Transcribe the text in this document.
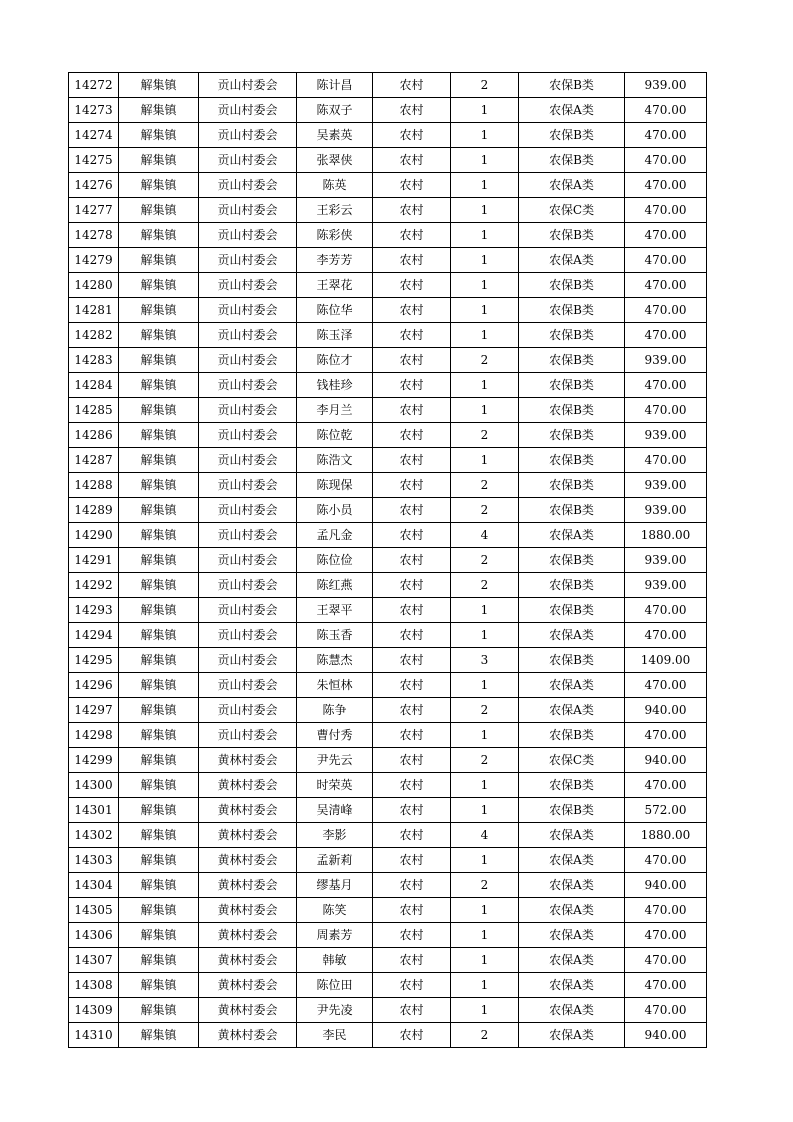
14272	解集镇	贡山村委会	陈计昌	农村	2	农保B类	939.00
14273	解集镇	贡山村委会	陈双子	农村	1	农保A类	470.00
14274	解集镇	贡山村委会	吴素英	农村	1	农保B类	470.00
14275	解集镇	贡山村委会	张翠侠	农村	1	农保B类	470.00
14276	解集镇	贡山村委会	陈英	农村	1	农保A类	470.00
14277	解集镇	贡山村委会	王彩云	农村	1	农保C类	470.00
14278	解集镇	贡山村委会	陈彩侠	农村	1	农保B类	470.00
14279	解集镇	贡山村委会	李芳芳	农村	1	农保A类	470.00
14280	解集镇	贡山村委会	王翠花	农村	1	农保B类	470.00
14281	解集镇	贡山村委会	陈位华	农村	1	农保B类	470.00
14282	解集镇	贡山村委会	陈玉泽	农村	1	农保B类	470.00
14283	解集镇	贡山村委会	陈位才	农村	2	农保B类	939.00
14284	解集镇	贡山村委会	钱桂珍	农村	1	农保B类	470.00
14285	解集镇	贡山村委会	李月兰	农村	1	农保B类	470.00
14286	解集镇	贡山村委会	陈位乾	农村	2	农保B类	939.00
14287	解集镇	贡山村委会	陈浩文	农村	1	农保B类	470.00
14288	解集镇	贡山村委会	陈现保	农村	2	农保B类	939.00
14289	解集镇	贡山村委会	陈小员	农村	2	农保B类	939.00
14290	解集镇	贡山村委会	孟凡金	农村	4	农保A类	1880.00
14291	解集镇	贡山村委会	陈位俭	农村	2	农保B类	939.00
14292	解集镇	贡山村委会	陈红燕	农村	2	农保B类	939.00
14293	解集镇	贡山村委会	王翠平	农村	1	农保B类	470.00
14294	解集镇	贡山村委会	陈玉香	农村	1	农保A类	470.00
14295	解集镇	贡山村委会	陈慧杰	农村	3	农保B类	1409.00
14296	解集镇	贡山村委会	朱恒林	农村	1	农保A类	470.00
14297	解集镇	贡山村委会	陈争	农村	2	农保A类	940.00
14298	解集镇	贡山村委会	曹付秀	农村	1	农保B类	470.00
14299	解集镇	黄林村委会	尹先云	农村	2	农保C类	940.00
14300	解集镇	黄林村委会	时荣英	农村	1	农保B类	470.00
14301	解集镇	黄林村委会	吴清峰	农村	1	农保B类	572.00
14302	解集镇	黄林村委会	李影	农村	4	农保A类	1880.00
14303	解集镇	黄林村委会	孟新莉	农村	1	农保A类	470.00
14304	解集镇	黄林村委会	缪基月	农村	2	农保A类	940.00
14305	解集镇	黄林村委会	陈笑	农村	1	农保A类	470.00
14306	解集镇	黄林村委会	周素芳	农村	1	农保A类	470.00
14307	解集镇	黄林村委会	韩敏	农村	1	农保A类	470.00
14308	解集镇	黄林村委会	陈位田	农村	1	农保A类	470.00
14309	解集镇	黄林村委会	尹先凌	农村	1	农保A类	470.00
14310	解集镇	黄林村委会	李民	农村	2	农保A类	940.00
